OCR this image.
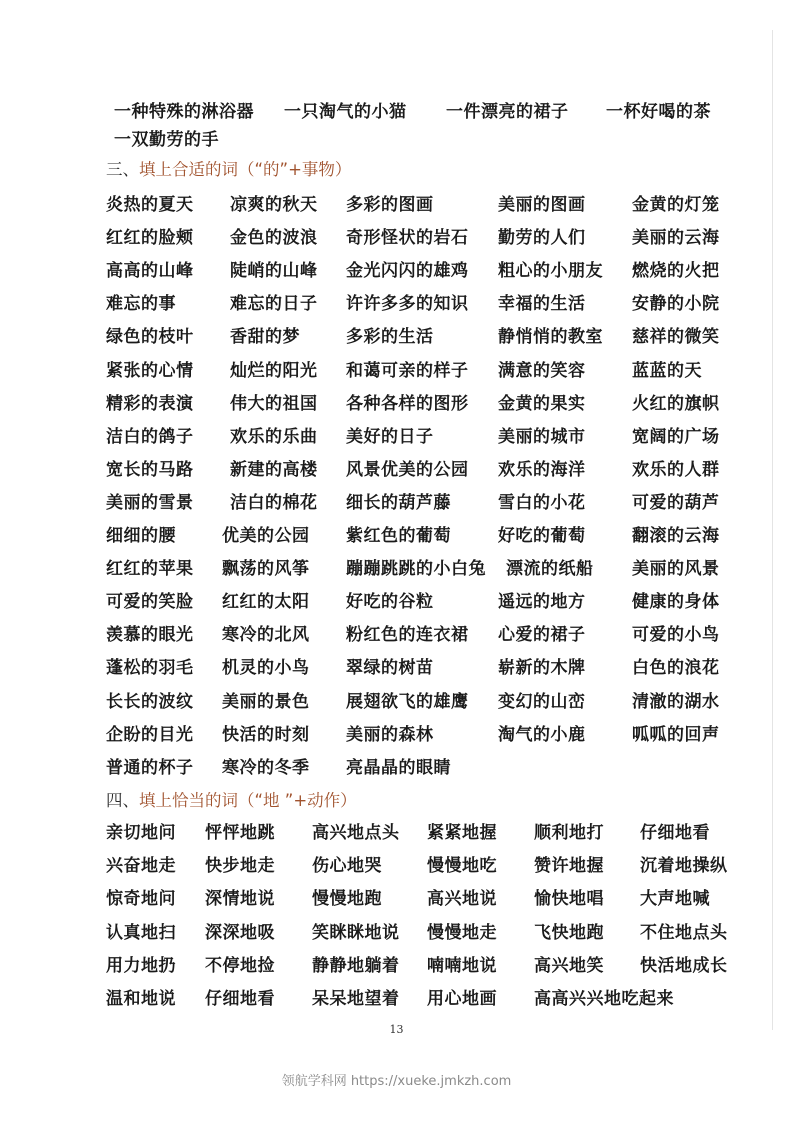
一种特殊的淋浴器 一只淘气的小猫 一件漂亮的裙子 一杯好喝的茶
一双勤劳的手
三、填上合适的词（“的”+事物）
炎热的夏天 凉爽的秋天 多彩的图画	美丽的图画	金黄的灯笼
红红的脸颊 金色的波浪 奇形怪状的岩石 勤劳的人们	美丽的云海
高高的山峰 陡峭的山峰 金光闪闪的雄鸡 粗心的小朋友 燃烧的火把
难忘的事	难忘的日子 许许多多的知识 幸福的生活	安静的小院
绿色的枝叶 香甜的梦	多彩的生活	静悄悄的教室 慈祥的微笑
紧张的心情 灿烂的阳光 和蔼可亲的样子 满意的笑容	蓝蓝的天
精彩的表演 伟大的祖国 各种各样的图形 金黄的果实	火红的旗帜
洁白的鸽子 欢乐的乐曲 美好的日子	美丽的城市	宽阔的广场
宽长的马路 新建的高楼 风景优美的公园 欢乐的海洋	欢乐的人群
美丽的雪景 洁白的棉花 细长的葫芦藤	雪白的小花	可爱的葫芦
细细的腰	优美的公园 紫红色的葡萄	好吃的葡萄	翻滚的云海
红红的苹果 飘荡的风筝 蹦蹦跳跳的小白兔 漂流的纸船 美丽的风景
可爱的笑脸 红红的太阳 好吃的谷粒	遥远的地方	健康的身体
羡慕的眼光 寒冷的北风 粉红色的连衣裙 心爱的裙子	可爱的小鸟
蓬松的羽毛 机灵的小鸟 翠绿的树苗	崭新的木牌	白色的浪花
长长的波纹 美丽的景色 展翅欲飞的雄鹰 变幻的山峦	清澈的湖水
企盼的目光 快活的时刻 美丽的森林	淘气的小鹿	呱呱的回声
普通的杯子 寒冷的冬季 亮晶晶的眼睛
四、填上恰当的词（“地 ”+动作）
亲切地问 怦怦地跳 高兴地点头 紧紧地握 顺利地打 仔细地看
兴奋地走 快步地走 伤心地哭	慢慢地吃 赞许地握 沉着地操纵
惊奇地问 深情地说 慢慢地跑	高兴地说 愉快地唱 大声地喊
认真地扫 深深地吸 笑眯眯地说 慢慢地走 飞快地跑 不住地点头
用力地扔 不停地捡 静静地躺着 喃喃地说 高兴地笑 快活地成长
温和地说 仔细地看 呆呆地望着 用心地画 高高兴兴地吃起来
13
领航学科网 https://xueke.jmkzh.com
